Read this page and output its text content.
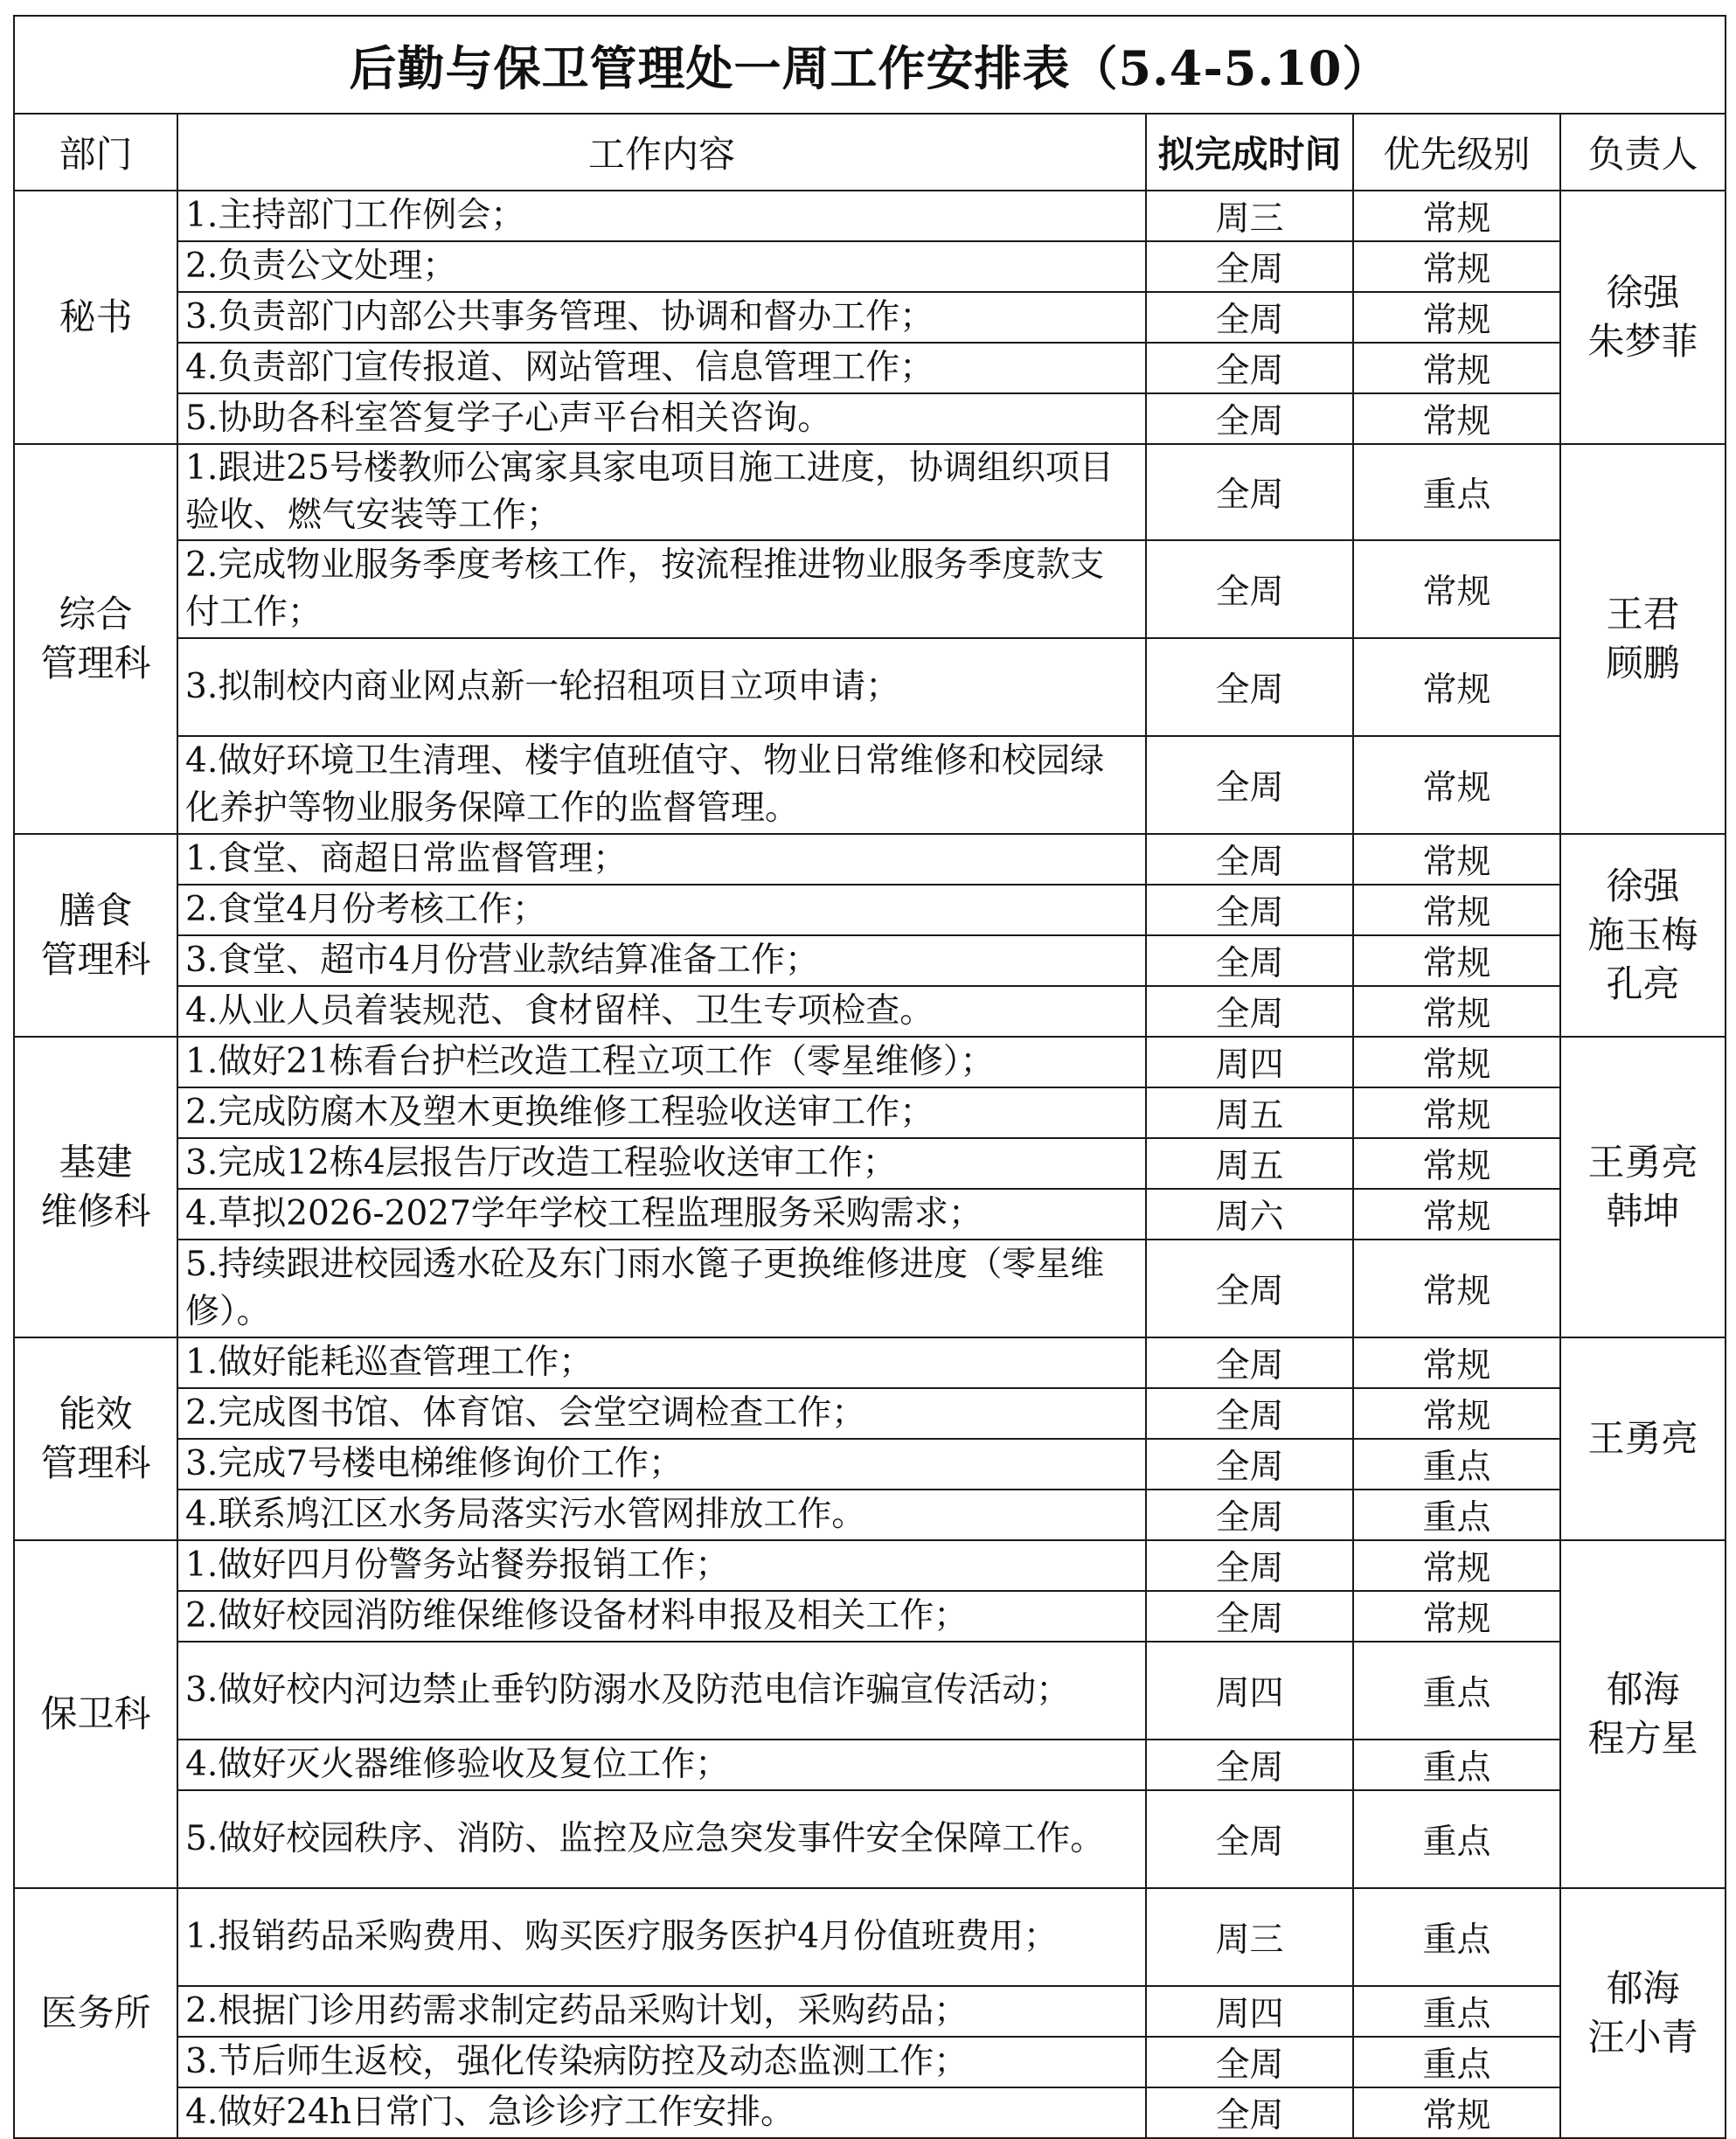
后勤与保卫管理处一周工作安排表（5.4-5.10）				
部门	工作内容	拟完成时间	优先级别	负责人

秘书	1.主持部门工作例会；	周三	常规	徐强
朱梦菲

	2.负责公文处理；	全周	常规	
	3.负责部门内部公共事务管理、协调和督办工作；	全周	常规	
	4.负责部门宣传报道、网站管理、信息管理工作；	全周	常规	
	5.协助各科室答复学子心声平台相关咨询。	全周	常规	

综合
管理科	1.跟进25号楼教师公寓家具家电项目施工进度，协调组织项目验收、燃气安装等工作；	全周	重点	王君
顾鹏

	2.完成物业服务季度考核工作，按流程推进物业服务季度款支付工作；	全周	常规	
	3.拟制校内商业网点新一轮招租项目立项申请；	全周	常规	
	4.做好环境卫生清理、楼宇值班值守、物业日常维修和校园绿化养护等物业服务保障工作的监督管理。	全周	常规	

膳食
管理科	1.食堂、商超日常监督管理；	全周	常规	徐强
施玉梅
孔亮

	2.食堂4月份考核工作；	全周	常规	
	3.食堂、超市4月份营业款结算准备工作；	全周	常规	
	4.从业人员着装规范、食材留样、卫生专项检查。	全周	常规	

基建
维修科	1.做好21栋看台护栏改造工程立项工作（零星维修）；	周四	常规	王勇亮
韩坤

	2.完成防腐木及塑木更换维修工程验收送审工作；	周五	常规	
	3.完成12栋4层报告厅改造工程验收送审工作；	周五	常规	
	4.草拟2026-2027学年学校工程监理服务采购需求；	周六	常规	
	5.持续跟进校园透水砼及东门雨水篦子更换维修进度（零星维修）。	全周	常规	

能效
管理科	1.做好能耗巡查管理工作；	全周	常规	王勇亮

	2.完成图书馆、体育馆、会堂空调检查工作；	全周	常规	
	3.完成7号楼电梯维修询价工作；	全周	重点	
	4.联系鸠江区水务局落实污水管网排放工作。	全周	重点	

保卫科	1.做好四月份警务站餐券报销工作；	全周	常规	郁海
程方星

	2.做好校园消防维保维修设备材料申报及相关工作；	全周	常规	
	3.做好校内河边禁止垂钓防溺水及防范电信诈骗宣传活动；	周四	重点	
	4.做好灭火器维修验收及复位工作；	全周	重点	
	5.做好校园秩序、消防、监控及应急突发事件安全保障工作。	全周	重点	

医务所	1.报销药品采购费用、购买医疗服务医护4月份值班费用；	周三	重点	郁海
汪小青

	2.根据门诊用药需求制定药品采购计划，采购药品；	周四	重点	
	3.节后师生返校，强化传染病防控及动态监测工作；	全周	重点	
	4.做好24h日常门、急诊诊疗工作安排。	全周	常规	
